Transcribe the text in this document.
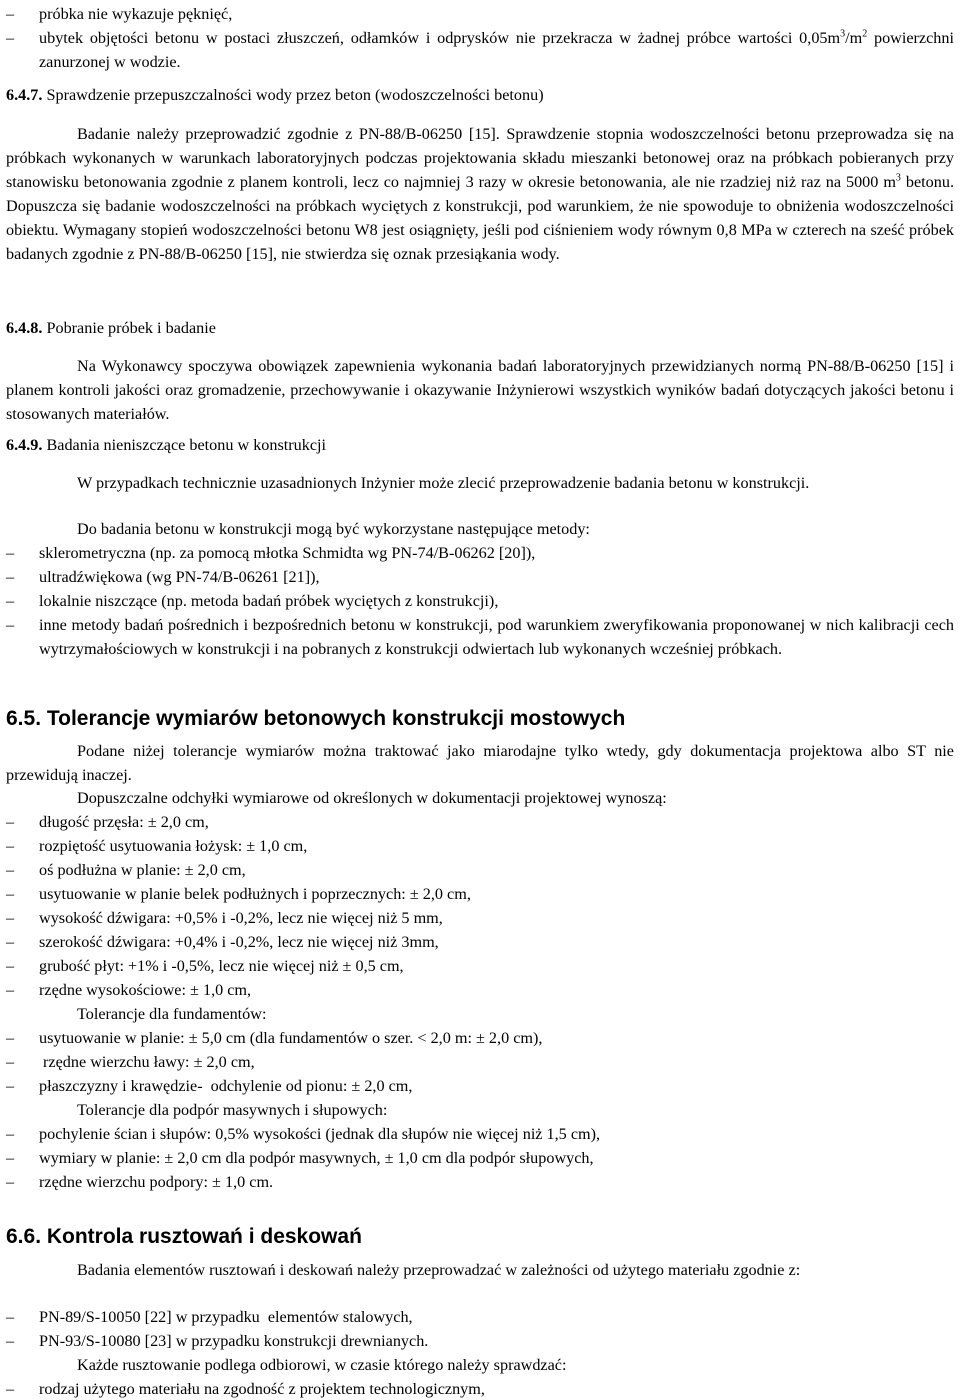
– próbka nie wykazuje pęknięć,
– ubytek objętości betonu w postaci złuszczeń, odłamków i odprysków nie przekracza w żadnej próbce wartości $0,05m^3/m^2$ powierzchni zanurzonej w wodzie.
6.4.7. Sprawdzenie przepuszczalności wody przez beton (wodoszczelności betonu)
Badanie należy przeprowadzić zgodnie z PN-88/B-06250 [15]. Sprawdzenie stopnia wodoszczelności betonu przeprowadza się na próbkach wykonanych w warunkach laboratoryjnych podczas projektowania składu mieszanki betonowej oraz na próbkach pobieranych przy stanowisku betonowania zgodnie z planem kontroli, lecz co najmniej 3 razy w okresie betonowania, ale nie rzadziej niż raz na 5000 $m^3$ betonu. Dopuszcza się badanie wodoszczelności na próbkach wyciętych z konstrukcji, pod warunkiem, że nie spowoduje to obniżenia wodoszczelności obiektu. Wymagany stopień wodoszczelności betonu W8 jest osiągnięty, jeśli pod ciśnieniem wody równym 0,8 MPa w czterech na sześć próbek badanych zgodnie z PN-88/B-06250 [15], nie stwierdza się oznak przesiąkania wody.
6.4.8. Pobranie próbek i badanie
Na Wykonawcy spoczywa obowiązek zapewnienia wykonania badań laboratoryjnych przewidzianych normą PN-88/B-06250 [15] i planem kontroli jakości oraz gromadzenie, przechowywanie i okazywanie Inżynierowi wszystkich wyników badań dotyczących jakości betonu i stosowanych materiałów.
6.4.9. Badania nieniszczące betonu w konstrukcji
W przypadkach technicznie uzasadnionych Inżynier może zlecić przeprowadzenie badania betonu w konstrukcji.
Do badania betonu w konstrukcji mogą być wykorzystane następujące metody:
– sklerometryczna (np. za pomocą młotka Schmidta wg PN-74/B-06262 [20]),
– ultradźwiękowa (wg PN-74/B-06261 [21]),
– lokalnie niszczące (np. metoda badań próbek wyciętych z konstrukcji),
– inne metody badań pośrednich i bezpośrednich betonu w konstrukcji, pod warunkiem zweryfikowania proponowanej w nich kalibracji cech wytrzymałościowych w konstrukcji i na pobranych z konstrukcji odwiertach lub wykonanych wcześniej próbkach.
6.5. Tolerancje wymiarów betonowych konstrukcji mostowych
Podane niżej tolerancje wymiarów można traktować jako miarodajne tylko wtedy, gdy dokumentacja projektowa albo ST nie przewidują inaczej.
Dopuszczalne odchyłki wymiarowe od określonych w dokumentacji projektowej wynoszą:
– długość przęsła: ± 2,0 cm,
– rozpiętość usytuowania łożysk: ± 1,0 cm,
– oś podłużna w planie: ± 2,0 cm,
– usytuowanie w planie belek podłużnych i poprzecznych: ± 2,0 cm,
– wysokość dźwigara: +0,5% i -0,2%, lecz nie więcej niż 5 mm,
– szerokość dźwigara: +0,4% i -0,2%, lecz nie więcej niż 3mm,
– grubość płyt: +1% i -0,5%, lecz nie więcej niż ± 0,5 cm,
– rzędne wysokościowe: ± 1,0 cm,
Tolerancje dla fundamentów:
– usytuowanie w planie: ± 5,0 cm (dla fundamentów o szer. < 2,0 m: ± 2,0 cm),
–  rzędne wierzchu ławy: ± 2,0 cm,
– płaszczyzny i krawędzie-  odchylenie od pionu: ± 2,0 cm,
Tolerancje dla podpór masywnych i słupowych:
– pochylenie ścian i słupów: 0,5% wysokości (jednak dla słupów nie więcej niż 1,5 cm),
– wymiary w planie: ± 2,0 cm dla podpór masywnych, ± 1,0 cm dla podpór słupowych,
– rzędne wierzchu podpory: ± 1,0 cm.
6.6. Kontrola rusztowań i deskowań
Badania elementów rusztowań i deskowań należy przeprowadzać w zależności od użytego materiału zgodnie z:
– PN-89/S-10050 [22] w przypadku  elementów stalowych,
– PN-93/S-10080 [23] w przypadku konstrukcji drewnianych.
Każde rusztowanie podlega odbiorowi, w czasie którego należy sprawdzać:
– rodzaj użytego materiału na zgodność z projektem technologicznym,
